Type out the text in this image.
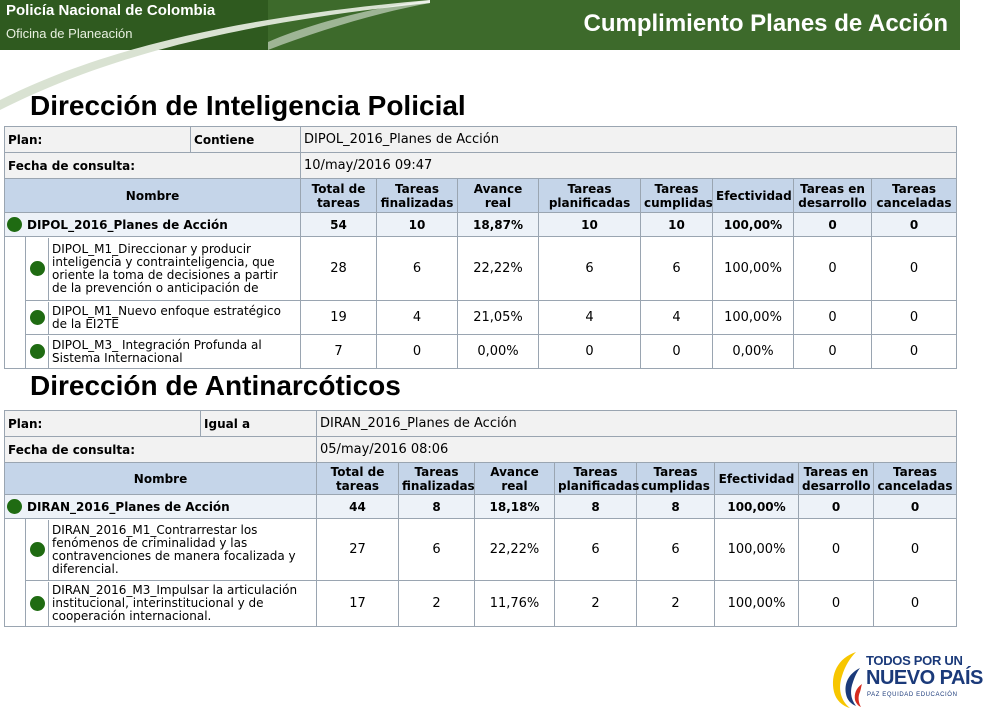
Policía Nacional de Colombia
Oficina de Planeación	Cumplimiento Planes de Acción
Dirección de Inteligencia Policial
Plan:		Contiene	DIPOL_2016_Planes de Acción							
Fecha de consulta:			10/may/2016 09:47							
Nombre			Total de tareas	Tareas finalizadas	Avance real	Tareas planificadas	Tareas cumplidas	Efectividad	Tareas en desarrollo	Tareas canceladas

DIPOL_2016_Planes de Acción			54	10	18,87%	10	10	100,00%	0	0

DIPOL_M1_Direccionar y producir inteligencia y contrainteligencia, que oriente la toma de decisiones a partir de la prevención o anticipación de		28	6	22,22%	6	6	100,00%	0	0

DIPOL_M1_Nuevo enfoque estratégico de la EI2TE		19	4	21,05%	4	4	100,00%	0	0

DIPOL_M3_ Integración Profunda al Sistema Internacional		7	0	0,00%	0	0	0,00%	0	0
Dirección de Antinarcóticos
Plan:		Igual a	DIRAN_2016_Planes de Acción							
Fecha de consulta:			05/may/2016 08:06							
Nombre			Total de tareas	Tareas finalizadas	Avance real	Tareas planificadas	Tareas cumplidas	Efectividad	Tareas en desarrollo	Tareas canceladas

DIRAN_2016_Planes de Acción			44	8	18,18%	8	8	100,00%	0	0

DIRAN_2016_M1_Contrarrestar los fenómenos de criminalidad y las contravenciones de manera focalizada y diferencial.		27	6	22,22%	6	6	100,00%	0	0

DIRAN_2016_M3_Impulsar la articulación institucional, interinstitucional y de cooperación internacional.		17	2	11,76%	2	2	100,00%	0	0
TODOS POR UN
NUEVO PAÍS
PAZ EQUIDAD EDUCACIÓN
